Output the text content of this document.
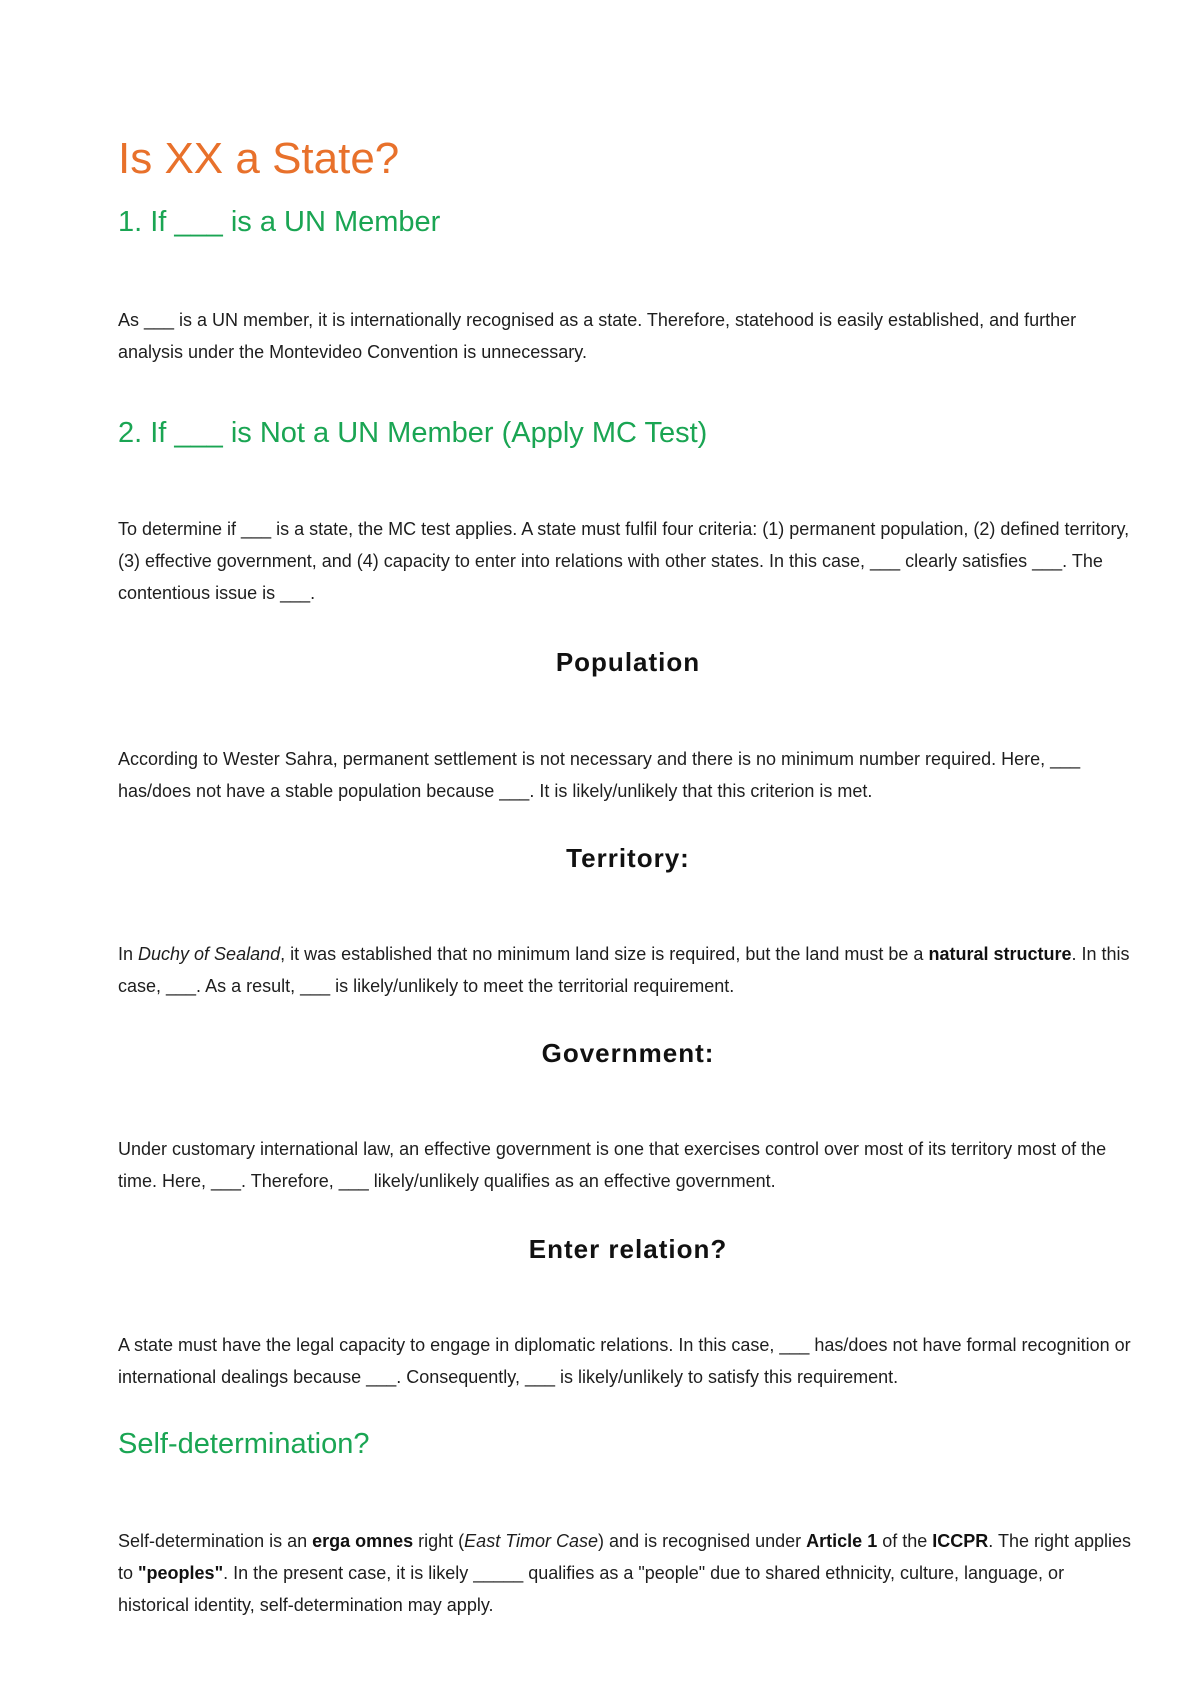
Is XX a State?
1. If ___ is a UN Member

As ___ is a UN member, it is internationally recognised as a state. Therefore, statehood is easily established, and further analysis under the Montevideo Convention is unnecessary.

2. If ___ is Not a UN Member (Apply MC Test)

To determine if ___ is a state, the MC test applies. A state must fulfil four criteria: (1) permanent population, (2) defined territory, (3) effective government, and (4) capacity to enter into relations with other states. In this case, ___ clearly satisfies ___. The contentious issue is ___.

Population

According to Wester Sahra, permanent settlement is not necessary and there is no minimum number required. Here, ___ has/does not have a stable population because ___. It is likely/unlikely that this criterion is met.

Territory:

In Duchy of Sealand, it was established that no minimum land size is required, but the land must be a natural structure. In this case, ___. As a result, ___ is likely/unlikely to meet the territorial requirement.

Government:

Under customary international law, an effective government is one that exercises control over most of its territory most of the time. Here, ___. Therefore, ___ likely/unlikely qualifies as an effective government.

Enter relation?

A state must have the legal capacity to engage in diplomatic relations. In this case, ___ has/does not have formal recognition or international dealings because ___. Consequently, ___ is likely/unlikely to satisfy this requirement.

Self-determination?

Self-determination is an erga omnes right (East Timor Case) and is recognised under Article 1 of the ICCPR. The right applies to "peoples". In the present case, it is likely _____ qualifies as a "people" due to shared ethnicity, culture, language, or historical identity, self-determination may apply.
